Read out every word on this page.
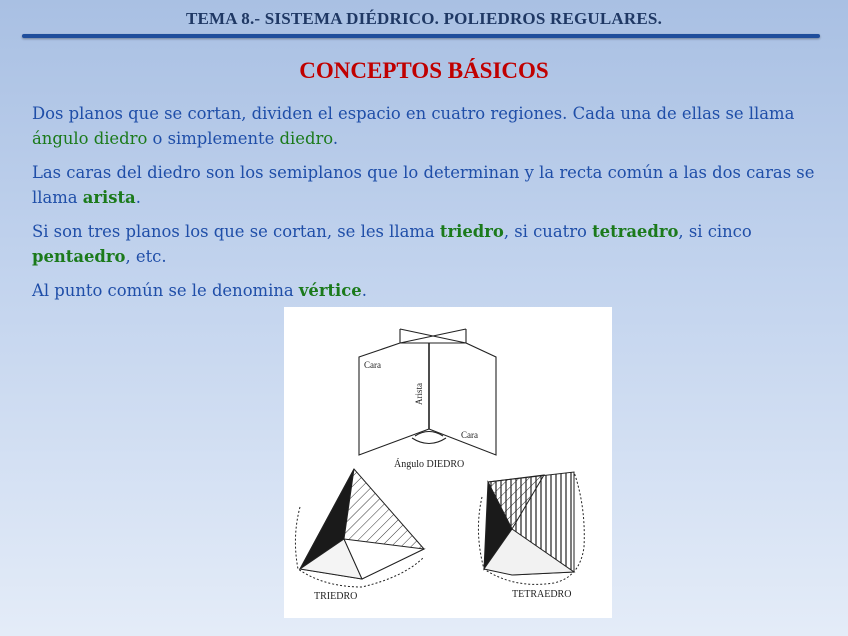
TEMA 8.- SISTEMA DIÉDRICO. POLIEDROS REGULARES.
CONCEPTOS BÁSICOS

Dos planos que se cortan, dividen el espacio en cuatro regiones. Cada una de ellas se llama ángulo diedro o simplemente diedro.

Las caras del diedro son los semiplanos que lo determinan y la recta común a las dos caras se llama arista.

Si son tres planos los que se cortan, se les llama triedro, si cuatro tetraedro, si cinco pentaedro, etc.

Al punto común se le denomina vértice.

Cara
Arista
Cara
Ángulo DIEDRO
TRIEDRO	TETRAEDRO
